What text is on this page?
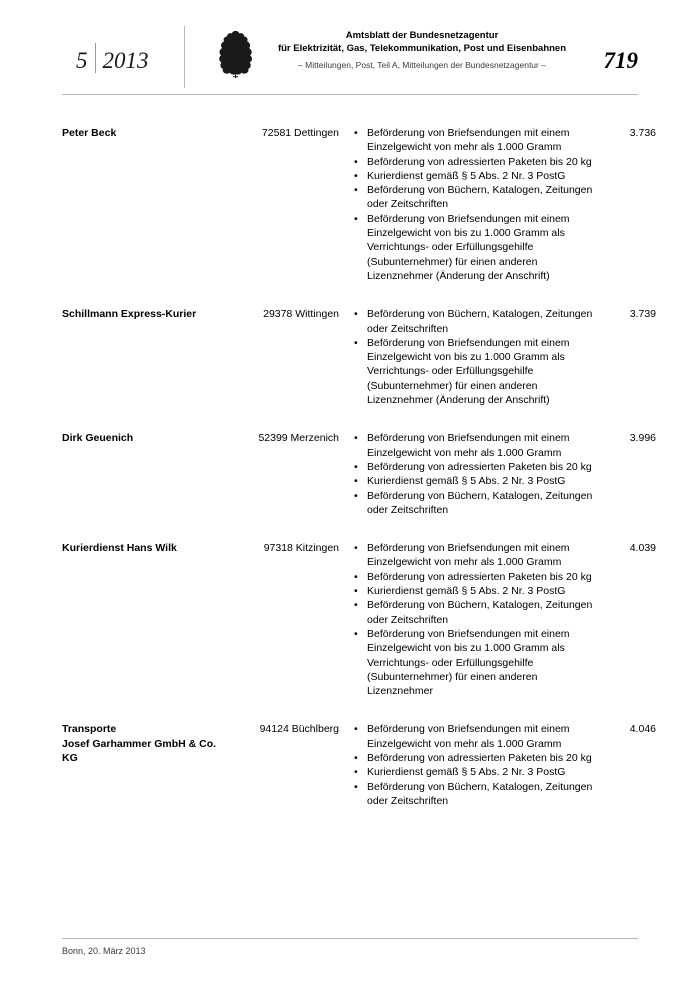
5 2013
Amtsblatt der Bundesnetzagentur
für Elektrizität, Gas, Telekommunikation, Post und Eisenbahnen
– Mitteilungen, Post, Teil A, Mitteilungen der Bundesnetzagentur –	719
Peter Beck	72581 Dettingen

•Beförderung von Briefsendungen mit einem Einzelgewicht von mehr als 1.000 Gramm
• Beförderung von adressierten Paketen bis 20 kg
• Kurierdienst gemäß § 5 Abs. 2 Nr. 3 PostG
• Beförderung von Büchern, Katalogen, Zeitungen oder Zeitschriften
• Beförderung von Briefsendungen mit einem Einzelgewicht von bis zu 1.000 Gramm als Verrichtungs- oder Erfüllungsgehilfe (Subunternehmer) für einen anderen Lizenznehmer (Änderung der Anschrift)

3.736

Schillmann Express-Kurier	29378 Wittingen

•Beförderung von Büchern, Katalogen, Zeitungen oder Zeitschriften
• Beförderung von Briefsendungen mit einem Einzelgewicht von bis zu 1.000 Gramm als Verrichtungs- oder Erfüllungsgehilfe (Subunternehmer) für einen anderen Lizenznehmer (Änderung der Anschrift)

3.739

Dirk Geuenich	52399 Merzenich

•Beförderung von Briefsendungen mit einem Einzelgewicht von mehr als 1.000 Gramm
• Beförderung von adressierten Paketen bis 20 kg
• Kurierdienst gemäß § 5 Abs. 2 Nr. 3 PostG
• Beförderung von Büchern, Katalogen, Zeitungen oder Zeitschriften

3.996

Kurierdienst Hans Wilk	97318 Kitzingen

•Beförderung von Briefsendungen mit einem Einzelgewicht von mehr als 1.000 Gramm
• Beförderung von adressierten Paketen bis 20 kg
• Kurierdienst gemäß § 5 Abs. 2 Nr. 3 PostG
• Beförderung von Büchern, Katalogen, Zeitungen oder Zeitschriften
• Beförderung von Briefsendungen mit einem Einzelgewicht von bis zu 1.000 Gramm als Verrichtungs- oder Erfüllungsgehilfe (Subunternehmer) für einen anderen Lizenznehmer

4.039

Transporte
Josef Garhammer GmbH & Co. KG

94124 Büchlberg

•Beförderung von Briefsendungen mit einem Einzelgewicht von mehr als 1.000 Gramm
• Beförderung von adressierten Paketen bis 20 kg
• Kurierdienst gemäß § 5 Abs. 2 Nr. 3 PostG
• Beförderung von Büchern, Katalogen, Zeitungen oder Zeitschriften

4.046
Bonn, 20. März 2013
